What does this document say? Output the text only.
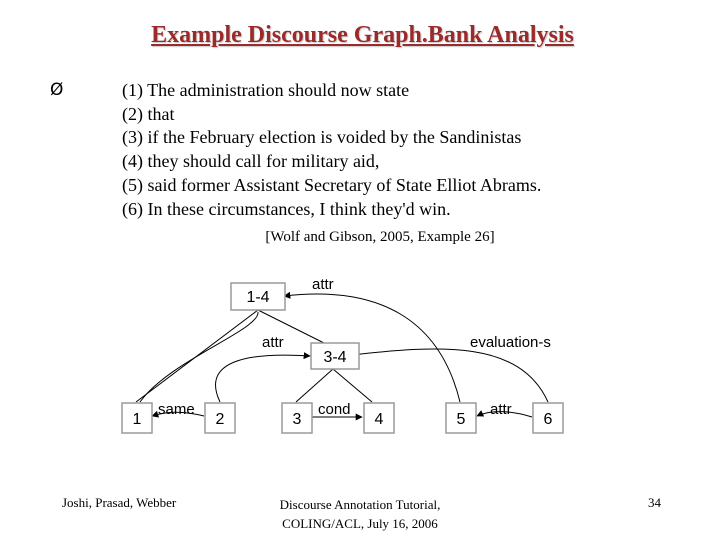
Example Discourse Graph.Bank Analysis
Ø	(1) The administration should now state
(2) that
(3) if the February election is voided by the Sandinistas
(4) they should call for military aid,
(5) said former Assistant Secretary of State Elliot Abrams.
(6) In these circumstances, I think they'd win.
[Wolf and Gibson, 2005, Example 26]
1-4
3-4
1	2	3	4	5	6
attr
attr	evaluation-s
same	cond	attr
Joshi, Prasad, Webber	Discourse Annotation Tutorial,
COLING/ACL, July 16, 2006
34
